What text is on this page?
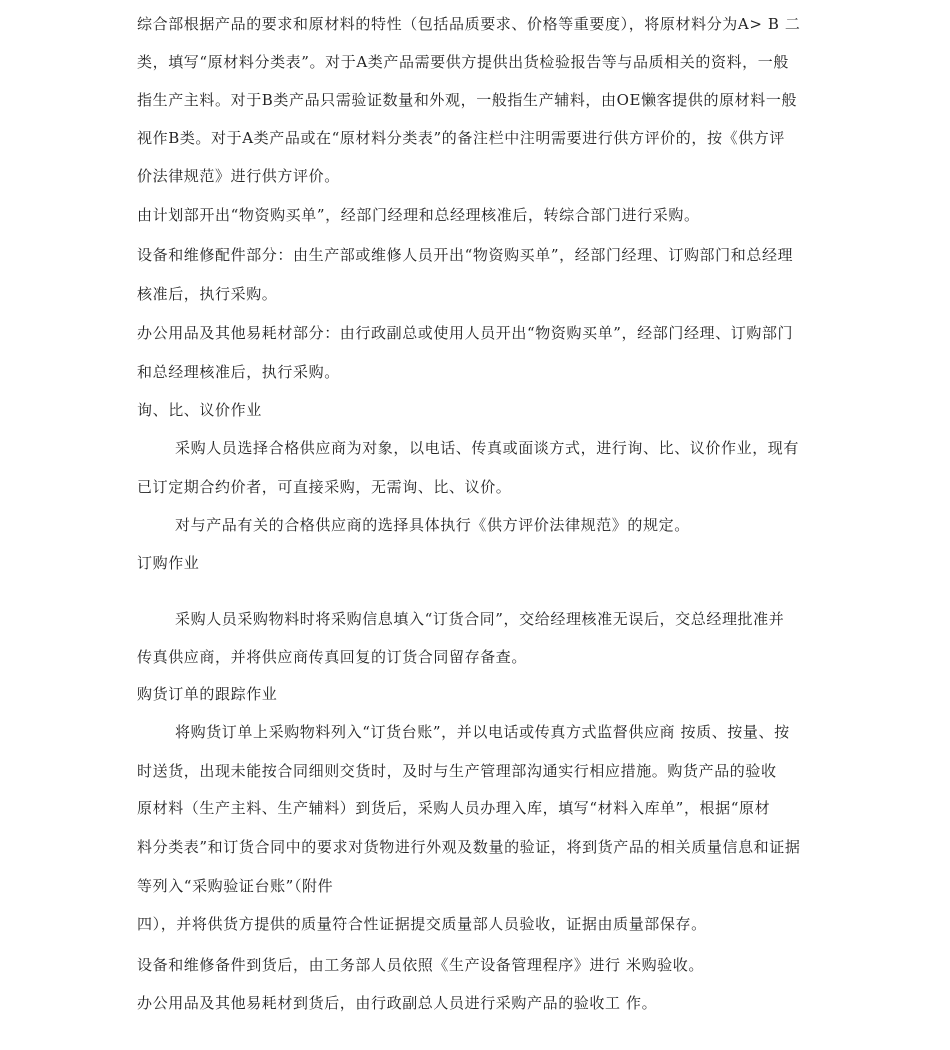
综合部根据产品的要求和原材料的特性（包括品质要求、价格等重要度），将原材料分为A> B 二
类，填写“原材料分类表”。对于A类产品需要供方提供出货检验报告等与品质相关的资料，一般
指生产主料。对于B类产品只需验证数量和外观，一般指生产辅料，由OE懒客提供的原材料一般
视作B类。对于A类产品或在“原材料分类表”的备注栏中注明需要进行供方评价的，按《供方评
价法律规范》进行供方评价。
由计划部开出“物资购买单”，经部门经理和总经理核准后，转综合部门进行采购。
设备和维修配件部分：由生产部或维修人员开出“物资购买单”，经部门经理、订购部门和总经理
核准后，执行采购。
办公用品及其他易耗材部分：由行政副总或使用人员开出“物资购买单”，经部门经理、订购部门
和总经理核准后，执行采购。
询、比、议价作业
采购人员选择合格供应商为对象，以电话、传真或面谈方式，进行询、比、议价作业，现有
已订定期合约价者，可直接采购，无需询、比、议价。
对与产品有关的合格供应商的选择具体执行《供方评价法律规范》的规定。
订购作业
采购人员采购物料时将采购信息填入“订货合同”，交给经理核准无误后，交总经理批准并
传真供应商，并将供应商传真回复的订货合同留存备查。
购货订单的跟踪作业
将购货订单上采购物料列入“订货台账”，并以电话或传真方式监督供应商 按质、按量、按
时送货，出现未能按合同细则交货时，及时与生产管理部沟通实行相应措施。购货产品的验收
原材料（生产主料、生产辅料）到货后，采购人员办理入库，填写“材料入库单”，根据“原材
料分类表”和订货合同中的要求对货物进行外观及数量的验证，将到货产品的相关质量信息和证据
等列入“采购验证台账”（附件
四），并将供货方提供的质量符合性证据提交质量部人员验收，证据由质量部保存。
设备和维修备件到货后，由工务部人员依照《生产设备管理程序》进行 米购验收。
办公用品及其他易耗材到货后，由行政副总人员进行采购产品的验收工 作。
